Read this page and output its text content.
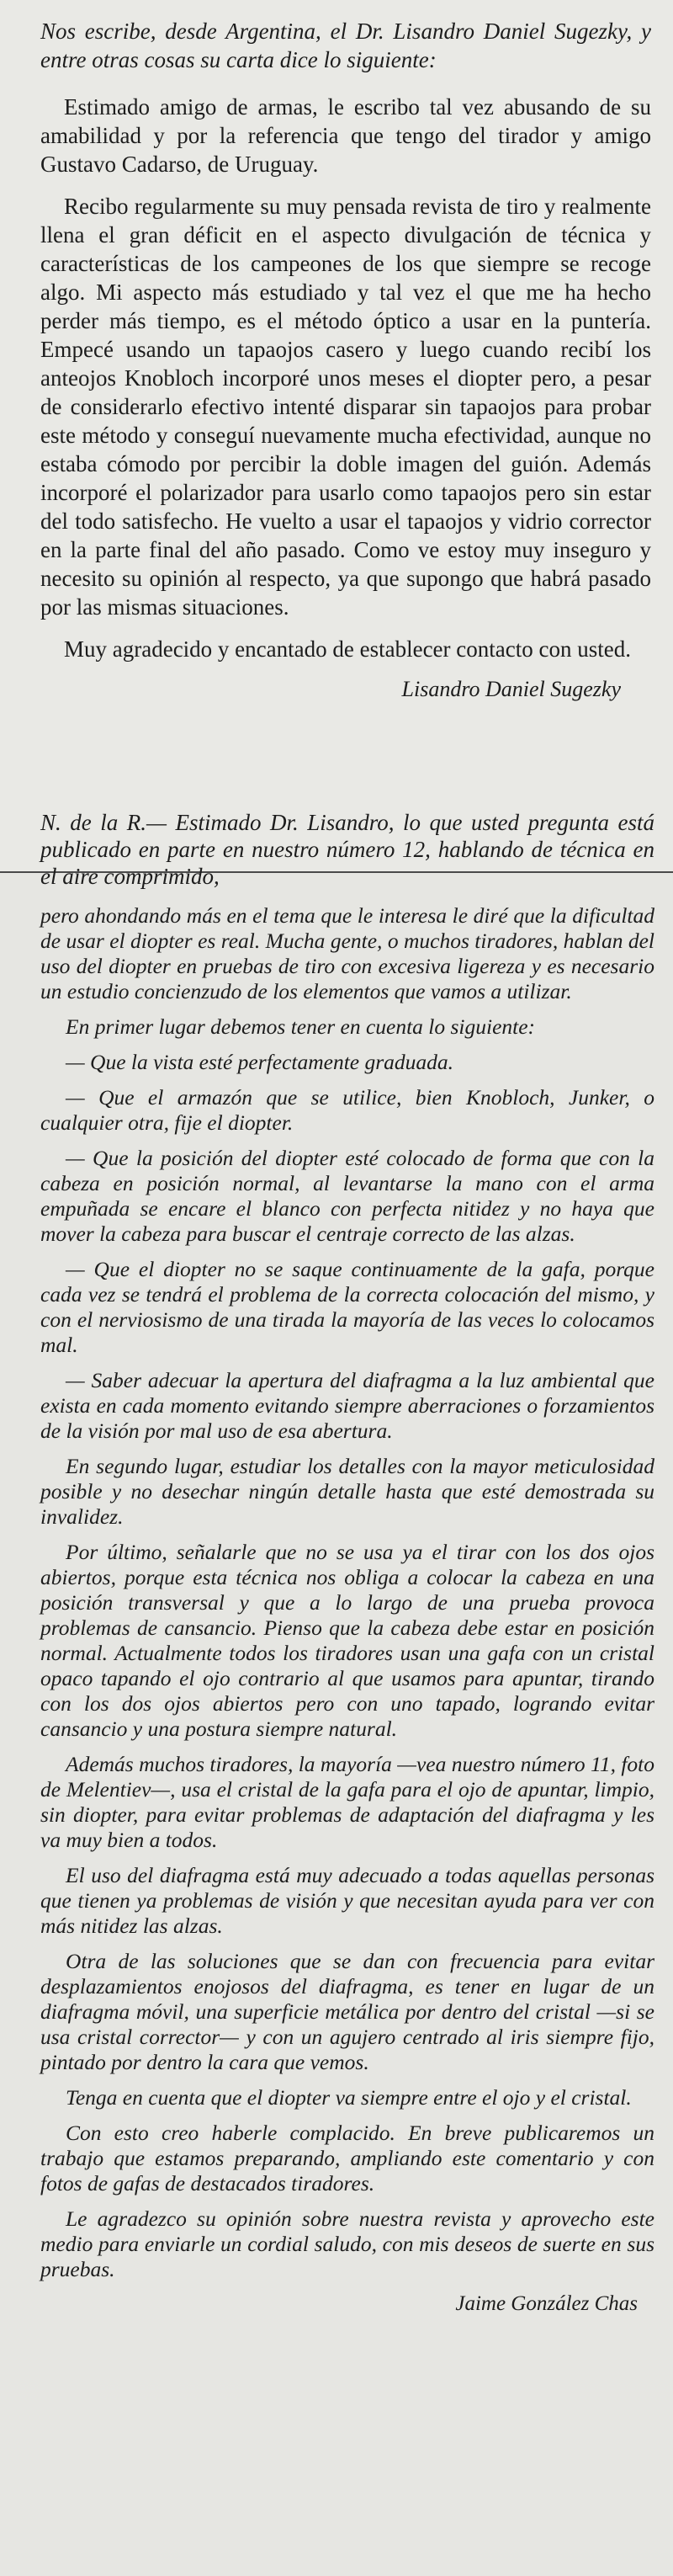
Nos escribe, desde Argentina, el Dr. Lisandro Daniel Sugezky, y entre otras cosas su carta dice lo siguiente:

Estimado amigo de armas, le escribo tal vez abusando de su amabilidad y por la referencia que tengo del tirador y amigo Gustavo Cadarso, de Uruguay.

Recibo regularmente su muy pensada revista de tiro y realmente llena el gran déficit en el aspecto divulgación de técnica y características de los campeones de los que siempre se recoge algo. Mi aspecto más estudiado y tal vez el que me ha hecho perder más tiempo, es el método óptico a usar en la puntería. Empecé usando un tapaojos casero y luego cuando recibí los anteojos Knobloch incorporé unos meses el diopter pero, a pesar de considerarlo efectivo intenté disparar sin tapaojos para probar este método y conseguí nuevamente mucha efectividad, aunque no estaba cómodo por percibir la doble imagen del guión. Además incorporé el polarizador para usarlo como tapaojos pero sin estar del todo satisfecho. He vuelto a usar el tapaojos y vidrio corrector en la parte final del año pasado. Como ve estoy muy inseguro y necesito su opinión al respecto, ya que supongo que habrá pasado por las mismas situaciones.

Muy agradecido y encantado de establecer contacto con usted.

Lisandro Daniel Sugezky

N. de la R.— Estimado Dr. Lisandro, lo que usted pregunta está publicado en parte en nuestro número 12, hablando de técnica en el aire comprimido,

pero ahondando más en el tema que le interesa le diré que la dificultad de usar el diopter es real. Mucha gente, o muchos tiradores, hablan del uso del diopter en pruebas de tiro con excesiva ligereza y es necesario un estudio concienzudo de los elementos que vamos a utilizar.

En primer lugar debemos tener en cuenta lo siguiente:

— Que la vista esté perfectamente graduada.

— Que el armazón que se utilice, bien Knobloch, Junker, o cualquier otra, fije el diopter.

— Que la posición del diopter esté colocado de forma que con la cabeza en posición normal, al levantarse la mano con el arma empuñada se encare el blanco con perfecta nitidez y no haya que mover la cabeza para buscar el centraje correcto de las alzas.

— Que el diopter no se saque continuamente de la gafa, porque cada vez se tendrá el problema de la correcta colocación del mismo, y con el nerviosismo de una tirada la mayoría de las veces lo colocamos mal.

— Saber adecuar la apertura del diafragma a la luz ambiental que exista en cada momento evitando siempre aberraciones o forzamientos de la visión por mal uso de esa abertura.

En segundo lugar, estudiar los detalles con la mayor meticulosidad posible y no desechar ningún detalle hasta que esté demostrada su invalidez.

Por último, señalarle que no se usa ya el tirar con los dos ojos abiertos, porque esta técnica nos obliga a colocar la cabeza en una posición transversal y que a lo largo de una prueba provoca problemas de cansancio. Pienso que la cabeza debe estar en posición normal. Actualmente todos los tiradores usan una gafa con un cristal opaco tapando el ojo contrario al que usamos para apuntar, tirando con los dos ojos abiertos pero con uno tapado, logrando evitar cansancio y una postura siempre natural.

Además muchos tiradores, la mayoría —vea nuestro número 11, foto de Melentiev—, usa el cristal de la gafa para el ojo de apuntar, limpio, sin diopter, para evitar problemas de adaptación del diafragma y les va muy bien a todos.

El uso del diafragma está muy adecuado a todas aquellas personas que tienen ya problemas de visión y que necesitan ayuda para ver con más nitidez las alzas.

Otra de las soluciones que se dan con frecuencia para evitar desplazamientos enojosos del diafragma, es tener en lugar de un diafragma móvil, una superficie metálica por dentro del cristal —si se usa cristal corrector— y con un agujero centrado al iris siempre fijo, pintado por dentro la cara que vemos.

Tenga en cuenta que el diopter va siempre entre el ojo y el cristal.

Con esto creo haberle complacido. En breve publicaremos un trabajo que estamos preparando, ampliando este comentario y con fotos de gafas de destacados tiradores.

Le agradezco su opinión sobre nuestra revista y aprovecho este medio para enviarle un cordial saludo, con mis deseos de suerte en sus pruebas.

Jaime González Chas
